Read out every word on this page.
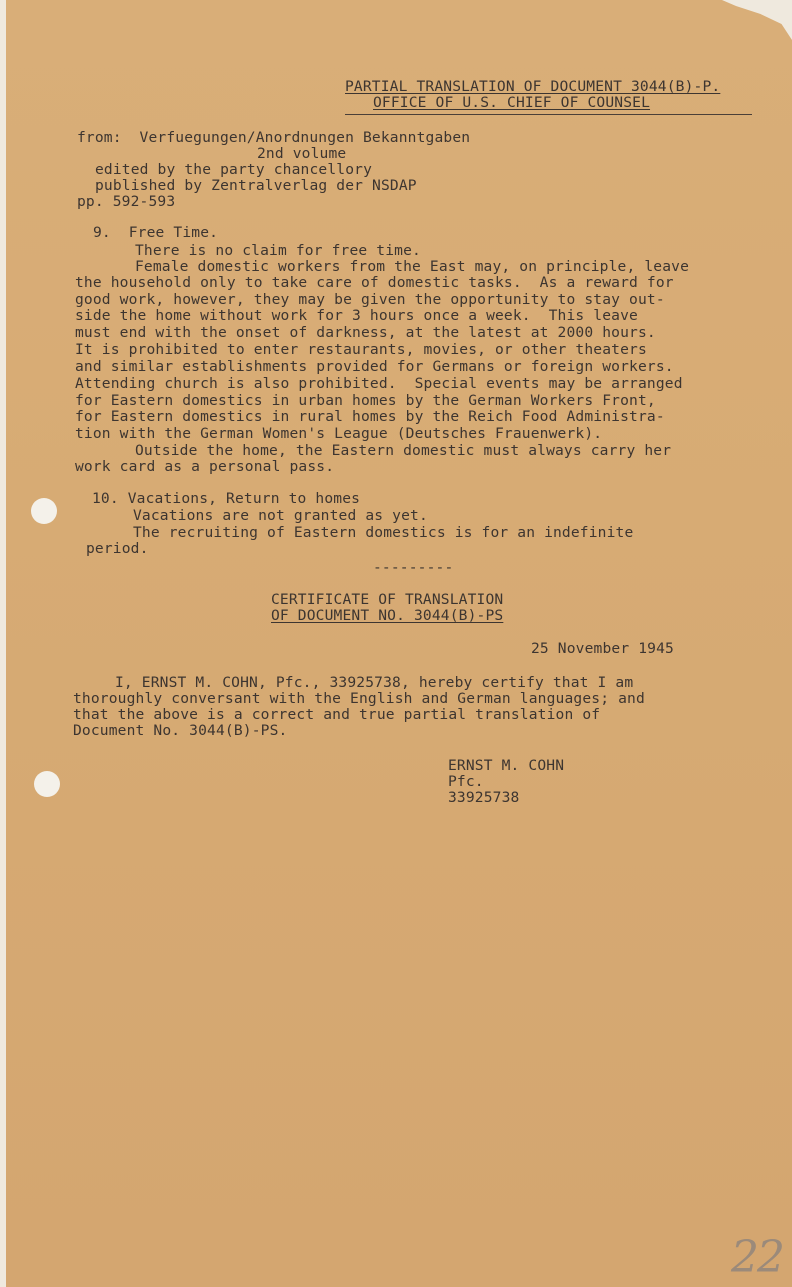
PARTIAL TRANSLATION OF DOCUMENT 3044(B)-P.
OFFICE OF U.S. CHIEF OF COUNSEL
from:  Verfuegungen/Anordnungen Bekanntgaben
2nd volume
edited by the party chancellory
published by Zentralverlag der NSDAP
pp. 592-593
9.  Free Time.
There is no claim for free time.
Female domestic workers from the East may, on principle, leave
the household only to take care of domestic tasks.  As a reward for
good work, however, they may be given the opportunity to stay out-
side the home without work for 3 hours once a week.  This leave
must end with the onset of darkness, at the latest at 2000 hours.
It is prohibited to enter restaurants, movies, or other theaters
and similar establishments provided for Germans or foreign workers.
Attending church is also prohibited.  Special events may be arranged
for Eastern domestics in urban homes by the German Workers Front,
for Eastern domestics in rural homes by the Reich Food Administra-
tion with the German Women's League (Deutsches Frauenwerk).
Outside the home, the Eastern domestic must always carry her
work card as a personal pass.
10. Vacations, Return to homes
Vacations are not granted as yet.
The recruiting of Eastern domestics is for an indefinite
period.
---------
CERTIFICATE OF TRANSLATION
OF DOCUMENT NO. 3044(B)-PS
25 November 1945
I, ERNST M. COHN, Pfc., 33925738, hereby certify that I am
thoroughly conversant with the English and German languages; and
that the above is a correct and true partial translation of
Document No. 3044(B)-PS.
ERNST M. COHN
Pfc.
33925738
22
